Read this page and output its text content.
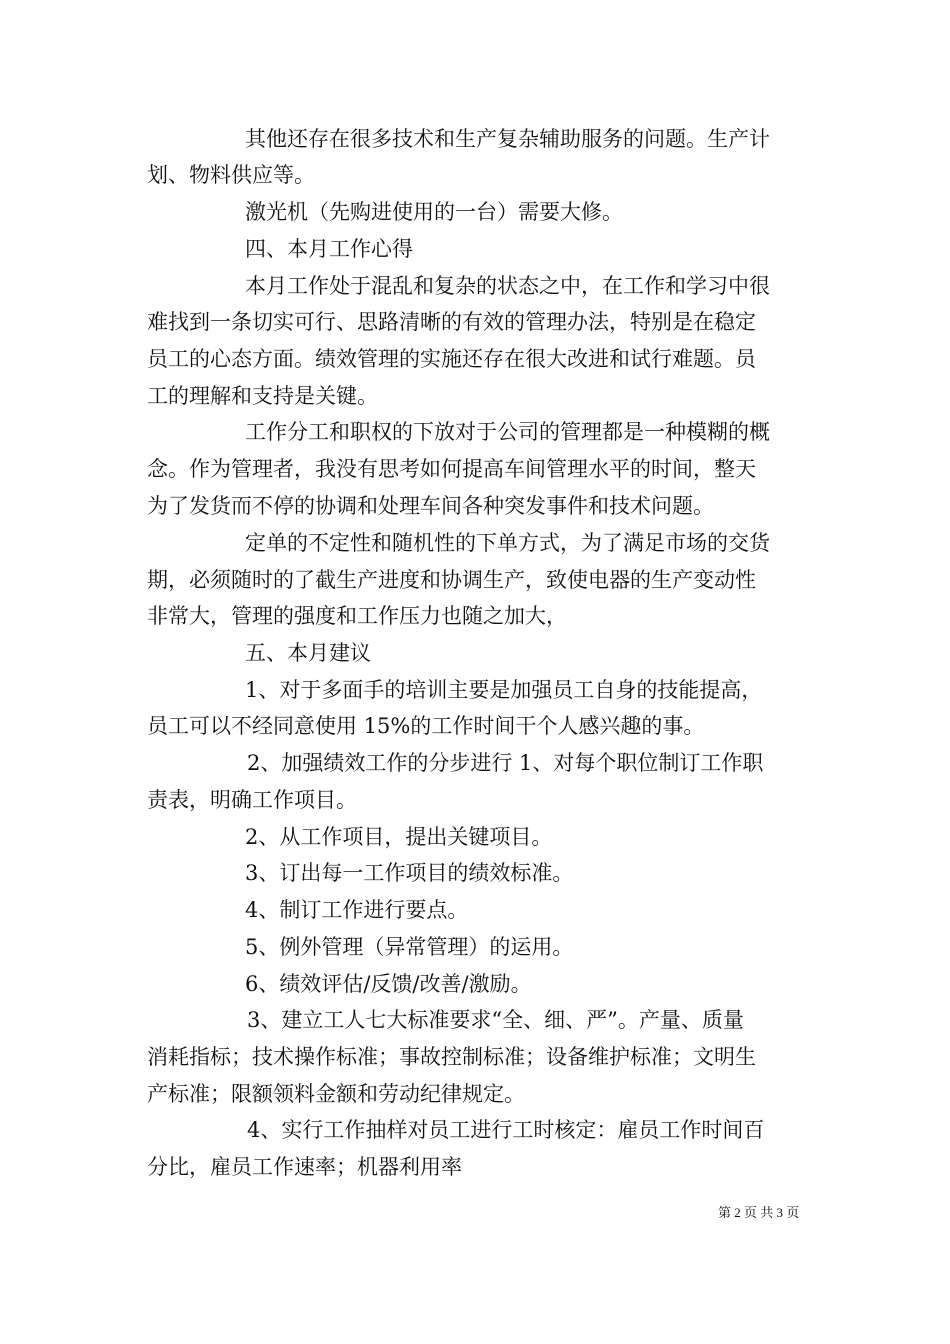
其他还存在很多技术和生产复杂辅助服务的问题。生产计
划、物料供应等。
激光机（先购进使用的一台）需要大修。
四、本月工作心得
本月工作处于混乱和复杂的状态之中，在工作和学习中很
难找到一条切实可行、思路清晰的有效的管理办法，特别是在稳定
员工的心态方面。绩效管理的实施还存在很大改进和试行难题。员
工的理解和支持是关键。
工作分工和职权的下放对于公司的管理都是一种模糊的概
念。作为管理者，我没有思考如何提高车间管理水平的时间，整天
为了发货而不停的协调和处理车间各种突发事件和技术问题。
定单的不定性和随机性的下单方式，为了满足市场的交货
期，必须随时的了截生产进度和协调生产，致使电器的生产变动性
非常大，管理的强度和工作压力也随之加大，
五、本月建议
1、对于多面手的培训主要是加强员工自身的技能提高，
员工可以不经同意使用 15%的工作时间干个人感兴趣的事。
2、加强绩效工作的分步进行 1、对每个职位制订工作职
责表，明确工作项目。
2、从工作项目，提出关键项目。
3、订出每一工作项目的绩效标准。
4、制订工作进行要点。
5、例外管理（异常管理）的运用。
6、绩效评估/反馈/改善/激励。
3、建立工人七大标准要求“全、细、严”。产量、质量
消耗指标；技术操作标准；事故控制标准；设备维护标准；文明生
产标准；限额领料金额和劳动纪律规定。
4、实行工作抽样对员工进行工时核定：雇员工作时间百
分比，雇员工作速率；机器利用率
第 2 页 共 3 页
